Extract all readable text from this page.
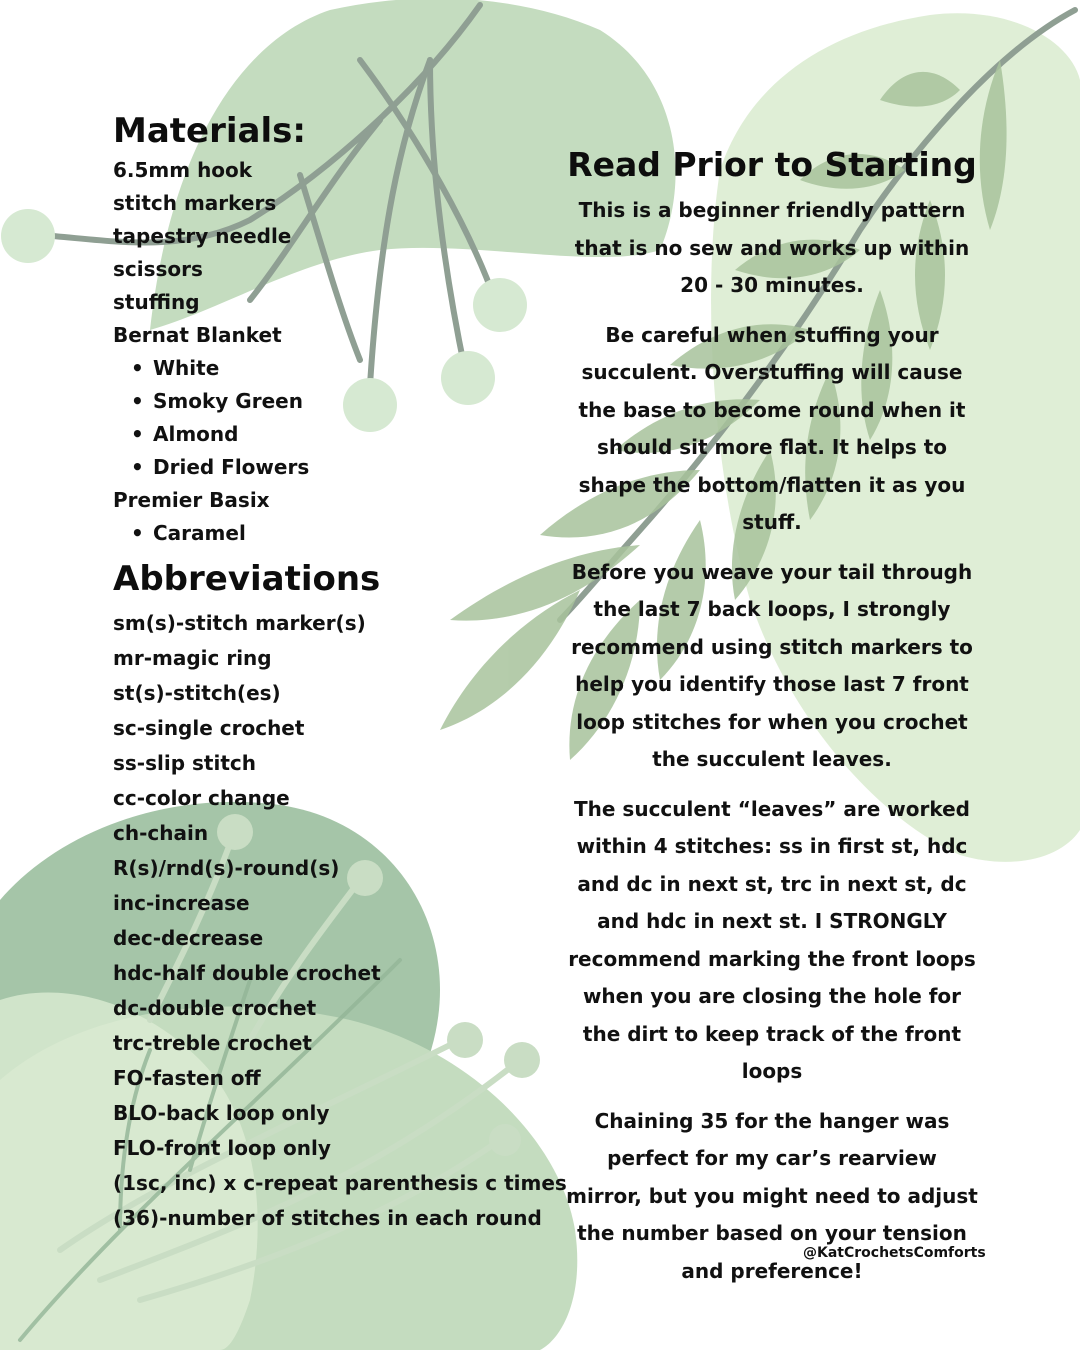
Materials:
6.5mm hook
stitch markers
tapestry needle
scissors
stuffing
Bernat Blanket
• White
• Smoky Green
• Almond
• Dried Flowers
Premier Basix
• Caramel
Abbreviations
sm(s)-stitch marker(s)
mr-magic ring
st(s)-stitch(es)
sc-single crochet
ss-slip stitch
cc-color change
ch-chain
R(s)/rnd(s)-round(s)
inc-increase
dec-decrease
hdc-half double crochet
dc-double crochet
trc-treble crochet
FO-fasten off
BLO-back loop only
FLO-front loop only
(1sc, inc) x c-repeat parenthesis c times
(36)-number of stitches in each round
Read Prior to Starting

This is a beginner friendly pattern that is no sew and works up within 20 - 30 minutes.

Be careful when stuffing your succulent. Overstuffing will cause the base to become round when it should sit more flat. It helps to shape the bottom/flatten it as you stuff.

Before you weave your tail through the last 7 back loops, I strongly recommend using stitch markers to help you identify those last 7 front loop stitches for when you crochet the succulent leaves.

The succulent “leaves” are worked within 4 stitches: ss in first st, hdc and dc in next st, trc in next st, dc and hdc in next st. I STRONGLY recommend marking the front loops when you are closing the hole for the dirt to keep track of the front loops

Chaining 35 for the hanger was perfect for my car’s rearview mirror, but you might need to adjust the number based on your tension and preference!

@KatCrochetsComforts
